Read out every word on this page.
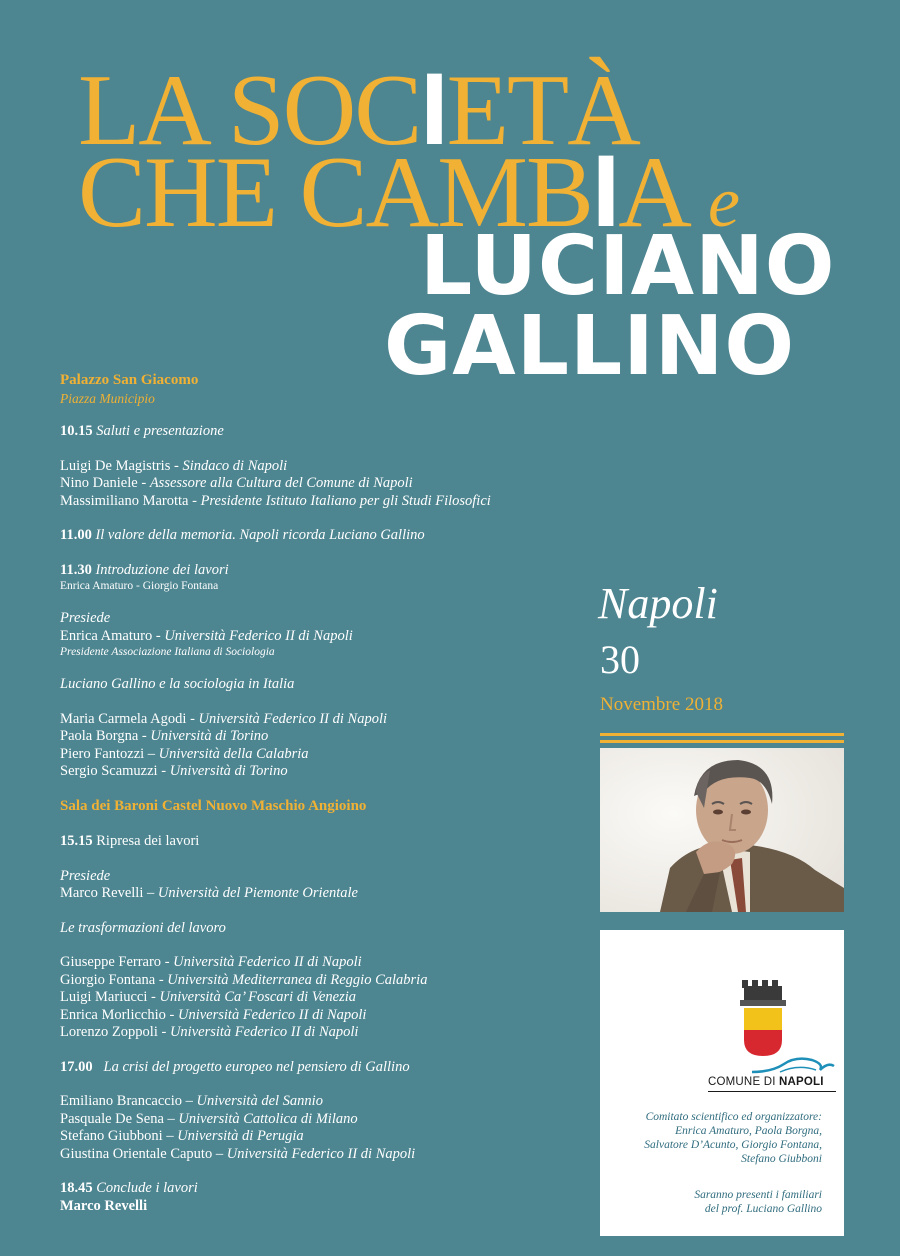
LA SOCIETÀ
CHE CAMBIA e
LUCIANO
GALLINO
Palazzo San Giacomo
Piazza Municipio
10.15 Saluti e presentazione
Luigi De Magistris - Sindaco di Napoli
Nino Daniele - Assessore alla Cultura del Comune di Napoli
Massimiliano Marotta - Presidente Istituto Italiano per gli Studi Filosofici
11.00 Il valore della memoria. Napoli ricorda Luciano Gallino
11.30 Introduzione dei lavori
Enrica Amaturo - Giorgio Fontana
Presiede
Enrica Amaturo - Università Federico II di Napoli
Presidente Associazione Italiana di Sociologia
Luciano Gallino e la sociologia in Italia
Maria Carmela Agodi - Università Federico II di Napoli
Paola Borgna - Università di Torino
Piero Fantozzi – Università della Calabria
Sergio Scamuzzi - Università di Torino
Sala dei Baroni Castel Nuovo Maschio Angioino
15.15 Ripresa dei lavori
Presiede
Marco Revelli – Università del Piemonte Orientale
Le trasformazioni del lavoro
Giuseppe Ferraro - Università Federico II di Napoli
Giorgio Fontana - Università Mediterranea di Reggio Calabria
Luigi Mariucci - Università Ca’ Foscari di Venezia
Enrica Morlicchio - Università Federico II di Napoli
Lorenzo Zoppoli - Università Federico II di Napoli
17.00 La crisi del progetto europeo nel pensiero di Gallino
Emiliano Brancaccio – Università del Sannio
Pasquale De Sena – Università Cattolica di Milano
Stefano Giubboni – Università di Perugia
Giustina Orientale Caputo – Università Federico II di Napoli
18.45 Conclude i lavori
Marco Revelli
Napoli
30
Novembre 2018
COMUNE DI NAPOLI
Comitato scientifico ed organizzatore:
Enrica Amaturo, Paola Borgna,
Salvatore D’Acunto, Giorgio Fontana,
Stefano Giubboni
Saranno presenti i familiari
del prof. Luciano Gallino
